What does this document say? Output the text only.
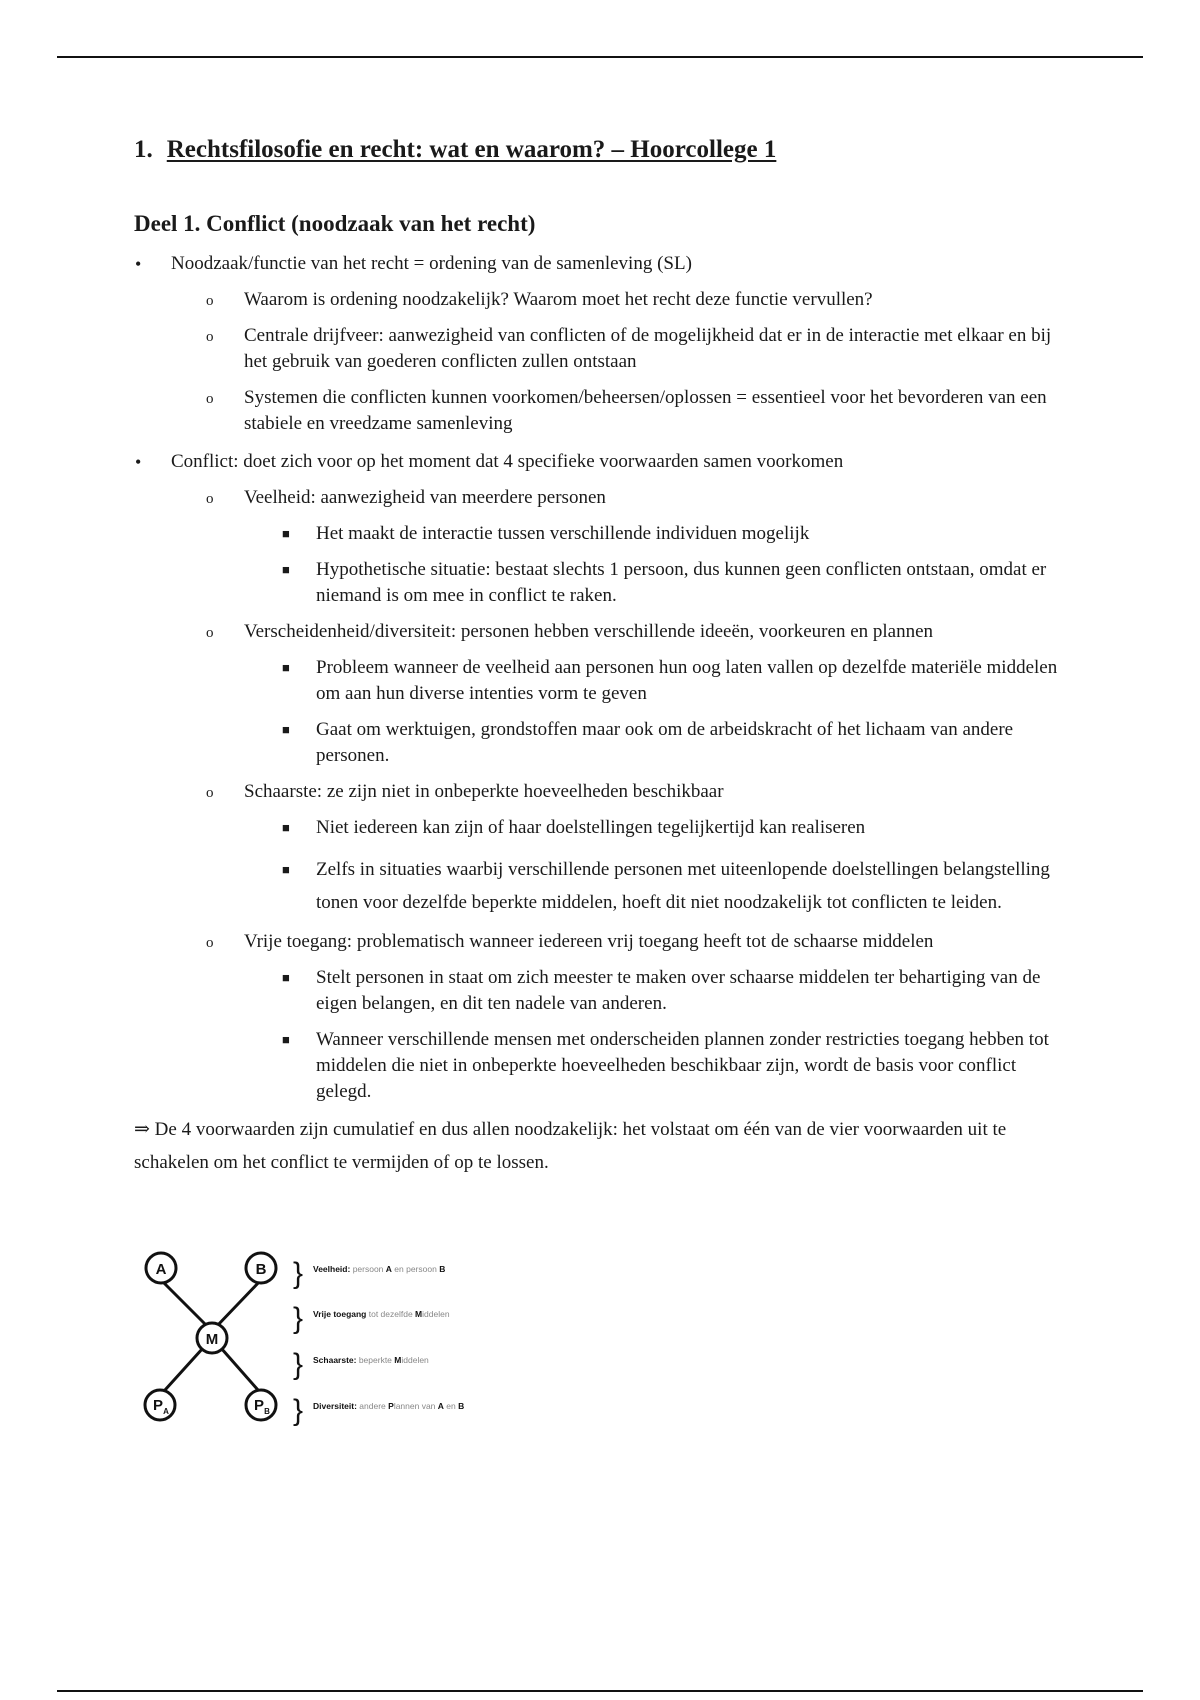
1. Rechtsfilosofie en recht: wat en waarom? – Hoorcollege 1
Deel 1. Conflict (noodzaak van het recht)
• Noodzaak/functie van het recht = ordening van de samenleving (SL)
o Waarom is ordening noodzakelijk? Waarom moet het recht deze functie vervullen?
o Centrale drijfveer: aanwezigheid van conflicten of de mogelijkheid dat er in de interactie met elkaar en bij het gebruik van goederen conflicten zullen ontstaan
o Systemen die conflicten kunnen voorkomen/beheersen/oplossen = essentieel voor het bevorderen van een stabiele en vreedzame samenleving
• Conflict: doet zich voor op het moment dat 4 specifieke voorwaarden samen voorkomen
o Veelheid: aanwezigheid van meerdere personen
■ Het maakt de interactie tussen verschillende individuen mogelijk
■ Hypothetische situatie: bestaat slechts 1 persoon, dus kunnen geen conflicten ontstaan, omdat er niemand is om mee in conflict te raken.
o Verscheidenheid/diversiteit: personen hebben verschillende ideeën, voorkeuren en plannen
■ Probleem wanneer de veelheid aan personen hun oog laten vallen op dezelfde materiële middelen om aan hun diverse intenties vorm te geven
■ Gaat om werktuigen, grondstoffen maar ook om de arbeidskracht of het lichaam van andere personen.
o Schaarste: ze zijn niet in onbeperkte hoeveelheden beschikbaar
■ Niet iedereen kan zijn of haar doelstellingen tegelijkertijd kan realiseren
■ Zelfs in situaties waarbij verschillende personen met uiteenlopende doelstellingen belangstelling tonen voor dezelfde beperkte middelen, hoeft dit niet noodzakelijk tot conflicten te leiden.
o Vrije toegang: problematisch wanneer iedereen vrij toegang heeft tot de schaarse middelen
■ Stelt personen in staat om zich meester te maken over schaarse middelen ter behartiging van de eigen belangen, en dit ten nadele van anderen.
■ Wanneer verschillende mensen met onderscheiden plannen zonder restricties toegang hebben tot middelen die niet in onbeperkte hoeveelheden beschikbaar zijn, wordt de basis voor conflict gelegd.
⇒ De 4 voorwaarden zijn cumulatief en dus allen noodzakelijk: het volstaat om één van de vier voorwaarden uit te schakelen om het conflict te vermijden of op te lossen.
A	B
M
P A	P B
}
}
}
}
Veelheid: persoon A en persoon B
Vrije toegang tot dezelfde Middelen
Schaarste: beperkte Middelen
Diversiteit: andere Plannen van A en B
